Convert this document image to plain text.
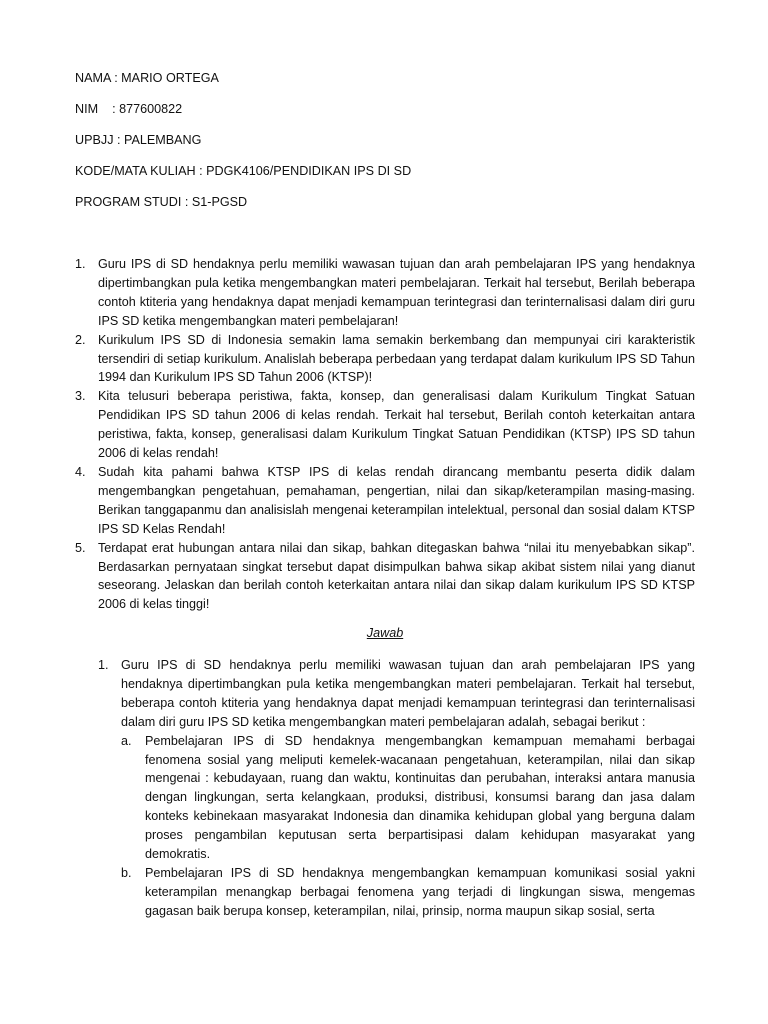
NAMA : MARIO ORTEGA
NIM    : 877600822
UPBJJ : PALEMBANG
KODE/MATA KULIAH : PDGK4106/PENDIDIKAN IPS DI SD
PROGRAM STUDI : S1-PGSD
1. Guru IPS di SD hendaknya perlu memiliki wawasan tujuan dan arah pembelajaran IPS yang hendaknya dipertimbangkan pula ketika mengembangkan materi pembelajaran. Terkait hal tersebut, Berilah beberapa contoh ktiteria yang hendaknya dapat menjadi kemampuan terintegrasi dan terinternalisasi dalam diri guru IPS SD ketika mengembangkan materi pembelajaran!
2. Kurikulum IPS SD di Indonesia semakin lama semakin berkembang dan mempunyai ciri karakteristik tersendiri di setiap kurikulum. Analislah beberapa perbedaan yang terdapat dalam kurikulum IPS SD Tahun 1994 dan Kurikulum IPS SD Tahun 2006 (KTSP)!
3. Kita telusuri beberapa peristiwa, fakta, konsep, dan generalisasi dalam Kurikulum Tingkat Satuan Pendidikan IPS SD tahun 2006 di kelas rendah. Terkait hal tersebut, Berilah contoh keterkaitan antara peristiwa, fakta, konsep, generalisasi dalam Kurikulum Tingkat Satuan Pendidikan (KTSP) IPS SD tahun 2006 di kelas rendah!
4. Sudah kita pahami bahwa KTSP IPS di kelas rendah dirancang membantu peserta didik dalam mengembangkan pengetahuan, pemahaman, pengertian, nilai dan sikap/keterampilan masing-masing. Berikan tanggapanmu dan analisislah mengenai keterampilan intelektual, personal dan sosial dalam KTSP IPS SD Kelas Rendah!
5. Terdapat erat hubungan antara nilai dan sikap, bahkan ditegaskan bahwa “nilai itu menyebabkan sikap”. Berdasarkan pernyataan singkat tersebut dapat disimpulkan bahwa sikap akibat sistem nilai yang dianut seseorang. Jelaskan dan berilah contoh keterkaitan antara nilai dan sikap dalam kurikulum IPS SD KTSP 2006 di kelas tinggi!
Jawab
1. Guru IPS di SD hendaknya perlu memiliki wawasan tujuan dan arah pembelajaran IPS yang hendaknya dipertimbangkan pula ketika mengembangkan materi pembelajaran. Terkait hal tersebut, beberapa contoh ktiteria yang hendaknya dapat menjadi kemampuan terintegrasi dan terinternalisasi dalam diri guru IPS SD ketika mengembangkan materi pembelajaran adalah, sebagai berikut :
a.	Pembelajaran IPS di SD hendaknya mengembangkan kemampuan memahami berbagai fenomena sosial yang meliputi kemelek-wacanaan pengetahuan, keterampilan, nilai dan sikap mengenai : kebudayaan, ruang dan waktu, kontinuitas dan perubahan, interaksi antara manusia dengan lingkungan, serta kelangkaan, produksi, distribusi, konsumsi barang dan jasa dalam konteks kebinekaan masyarakat Indonesia dan dinamika kehidupan global yang berguna dalam proses pengambilan keputusan serta berpartisipasi dalam kehidupan masyarakat yang demokratis.
b.	Pembelajaran IPS di SD hendaknya mengembangkan kemampuan komunikasi sosial yakni keterampilan menangkap berbagai fenomena yang terjadi di lingkungan siswa, mengemas gagasan baik berupa konsep, keterampilan, nilai, prinsip, norma maupun sikap sosial, serta
